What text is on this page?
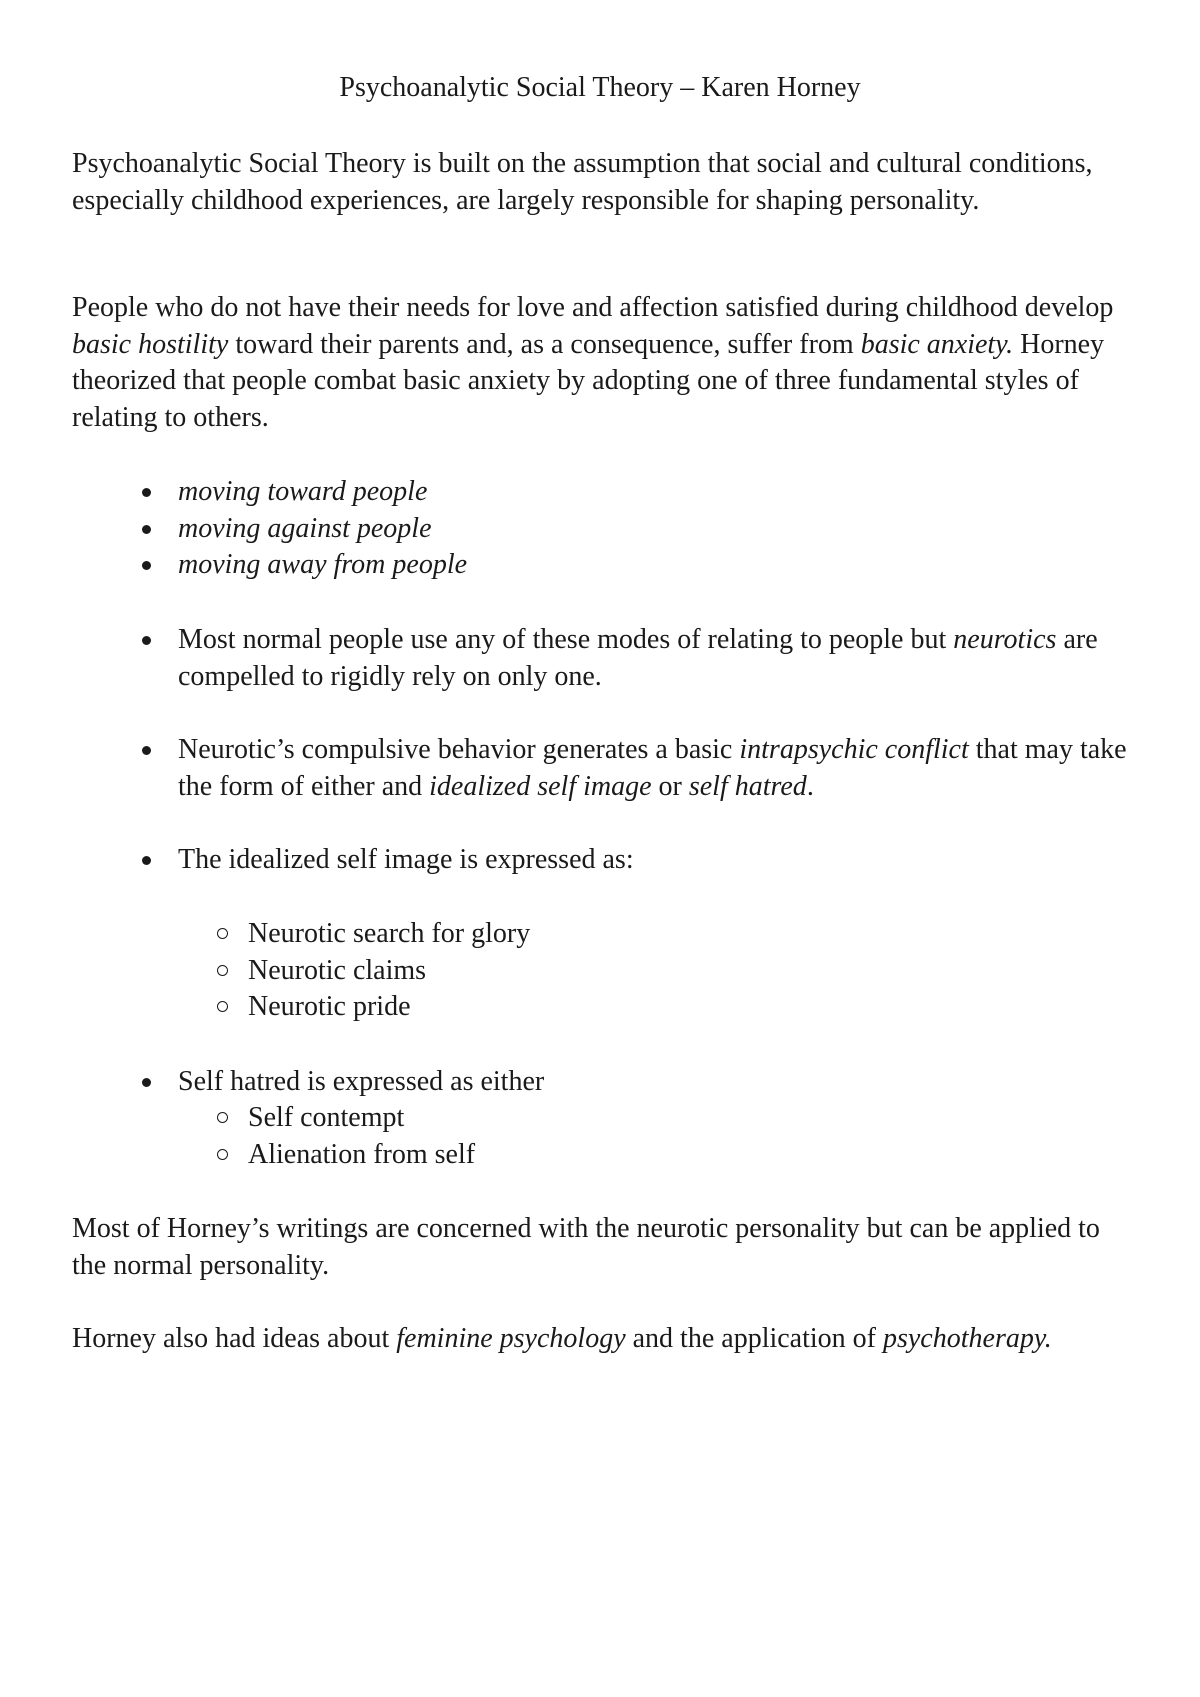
Psychoanalytic Social Theory – Karen Horney

Psychoanalytic Social Theory is built on the assumption that social and cultural conditions, especially childhood experiences, are largely responsible for shaping personality.

People who do not have their needs for love and affection satisfied during childhood develop basic hostility toward their parents and, as a consequence, suffer from basic anxiety. Horney theorized that people combat basic anxiety by adopting one of three fundamental styles of relating to others.

moving toward people
moving against people
moving away from people
Most normal people use any of these modes of relating to people but neurotics are compelled to rigidly rely on only one.
Neurotic’s compulsive behavior generates a basic intrapsychic conflict that may take the form of either and idealized self image or self hatred.
The idealized self image is expressed as:
Neurotic search for glory
Neurotic claims
Neurotic pride
Self hatred is expressed as either
Self contempt
Alienation from self

Most of Horney’s writings are concerned with the neurotic personality but can be applied to the normal personality.

Horney also had ideas about feminine psychology and the application of psychotherapy.
